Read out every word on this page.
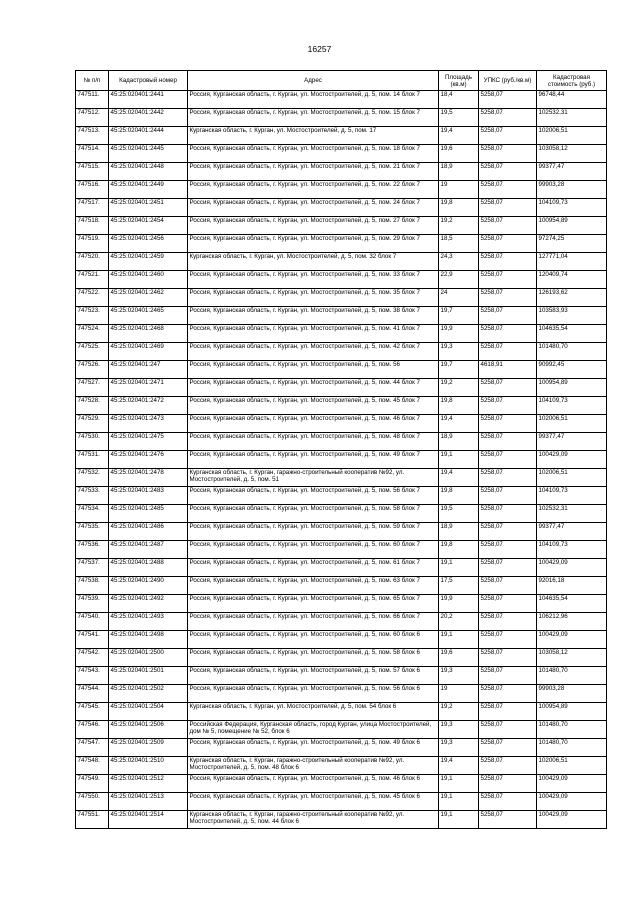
16257
№ п/п	Кадастровый номер	Адрес	Площадь (кв.м)	УПКС (руб./кв.м)	Кадастровая стоимость (руб.)
747511.	45:25:020401:2441	Россия, Курганская область, г. Курган, ул. Мостостроителей, д. 5, пом. 14 блок 7	18,4	5258,07	96748,44
747512.	45:25:020401:2442	Россия, Курганская область, г. Курган, ул. Мостостроителей, д. 5, пом. 15 блок 7	19,5	5258,07	102532,31
747513.	45:25:020401:2444	Курганская область, г. Курган, ул. Мостостроителей, д. 5, пом. 17	19,4	5258,07	102006,51
747514.	45:25:020401:2445	Россия, Курганская область, г. Курган, ул. Мостостроителей, д. 5, пом. 18 блок 7	19,6	5258,07	103058,12
747515.	45:25:020401:2448	Россия, Курганская область, г. Курган, ул. Мостостроителей, д. 5, пом. 21 блок 7	18,9	5258,07	99377,47
747516.	45:25:020401:2449	Россия, Курганская область, г. Курган, ул. Мостостроителей, д. 5, пом. 22 блок 7	19	5258,07	99903,28
747517.	45:25:020401:2451	Россия, Курганская область, г. Курган, ул. Мостостроителей, д. 5, пом. 24 блок 7	19,8	5258,07	104109,73
747518.	45:25:020401:2454	Россия, Курганская область, г. Курган, ул. Мостостроителей, д. 5, пом. 27 блок 7	19,2	5258,07	100954,89
747519.	45:25:020401:2456	Россия, Курганская область, г. Курган, ул. Мостостроителей, д. 5, пом. 29 блок 7	18,5	5258,07	97274,25
747520.	45:25:020401:2459	Курганская область, г. Курган, ул. Мостостроителей, д. 5, пом. 32 блок 7	24,3	5258,07	127771,04
747521.	45:25:020401:2460	Россия, Курганская область, г. Курган, ул. Мостостроителей, д. 5, пом. 33 блок 7	22,9	5258,07	120409,74
747522.	45:25:020401:2462	Россия, Курганская область, г. Курган, ул. Мостостроителей, д. 5, пом. 35 блок 7	24	5258,07	126193,62
747523.	45:25:020401:2465	Россия, Курганская область, г. Курган, ул. Мостостроителей, д. 5, пом. 38 блок 7	19,7	5258,07	103583,93
747524.	45:25:020401:2468	Россия, Курганская область, г. Курган, ул. Мостостроителей, д. 5, пом. 41 блок 7	19,9	5258,07	104635,54
747525.	45:25:020401:2469	Россия, Курганская область, г. Курган, ул. Мостостроителей, д. 5, пом. 42 блок 7	19,3	5258,07	101480,70
747526.	45:25:020401:247	Россия, Курганская область, г. Курган, ул. Мостостроителей, д. 5, пом. 56	19,7	4618,91	90992,45
747527.	45:25:020401:2471	Россия, Курганская область, г. Курган, ул. Мостостроителей, д. 5, пом. 44 блок 7	19,2	5258,07	100954,89
747528.	45:25:020401:2472	Россия, Курганская область, г. Курган, ул. Мостостроителей, д. 5, пом. 45 блок 7	19,8	5258,07	104109,73
747529.	45:25:020401:2473	Россия, Курганская область, г. Курган, ул. Мостостроителей, д. 5, пом. 46 блок 7	19,4	5258,07	102006,51
747530.	45:25:020401:2475	Россия, Курганская область, г. Курган, ул. Мостостроителей, д. 5, пом. 48 блок 7	18,9	5258,07	99377,47
747531.	45:25:020401:2476	Россия, Курганская область, г. Курган, ул. Мостостроителей, д. 5, пом. 49 блок 7	19,1	5258,07	100429,09
747532.	45:25:020401:2478	Курганская область, г. Курган, гаражно-строительный кооператив №92, ул. Мостостроителей, д. 5, пом. 51	19,4	5258,07	102006,51
747533.	45:25:020401:2483	Россия, Курганская область, г. Курган, ул. Мостостроителей, д. 5, пом. 56 блок 7	19,8	5258,07	104109,73
747534.	45:25:020401:2485	Россия, Курганская область, г. Курган, ул. Мостостроителей, д. 5, пом. 58 блок 7	19,5	5258,07	102532,31
747535.	45:25:020401:2486	Россия, Курганская область, г. Курган, ул. Мостостроителей, д. 5, пом. 59 блок 7	18,9	5258,07	99377,47
747536.	45:25:020401:2487	Россия, Курганская область, г. Курган, ул. Мостостроителей, д. 5, пом. 60 блок 7	19,8	5258,07	104109,73
747537.	45:25:020401:2488	Россия, Курганская область, г. Курган, ул. Мостостроителей, д. 5, пом. 61 блок 7	19,1	5258,07	100429,09
747538.	45:25:020401:2490	Россия, Курганская область, г. Курган, ул. Мостостроителей, д. 5, пом. 63 блок 7	17,5	5258,07	92016,18
747539.	45:25:020401:2492	Россия, Курганская область, г. Курган, ул. Мостостроителей, д. 5, пом. 65 блок 7	19,9	5258,07	104635,54
747540.	45:25:020401:2493	Россия, Курганская область, г. Курган, ул. Мостостроителей, д. 5, пом. 66 блок 7	20,2	5258,07	106212,96
747541.	45:25:020401:2498	Россия, Курганская область, г. Курган, ул. Мостостроителей, д. 5, пом. 60 блок 6	19,1	5258,07	100429,09
747542.	45:25:020401:2500	Россия, Курганская область, г. Курган, ул. Мостостроителей, д. 5, пом. 58 блок 6	19,6	5258,07	103058,12
747543.	45:25:020401:2501	Россия, Курганская область, г. Курган, ул. Мостостроителей, д. 5, пом. 57 блок 6	19,3	5258,07	101480,70
747544.	45:25:020401:2502	Россия, Курганская область, г. Курган, ул. Мостостроителей, д. 5, пом. 56 блок 6	19	5258,07	99903,28
747545.	45:25:020401:2504	Курганская область, г. Курган, ул. Мостостроителей, д. 5, пом. 54 блок 6	19,2	5258,07	100954,89
747546.	45:25:020401:2506	Российская Федерация, Курганская область, город Курган, улица Мостостроителей, дом № 5, помещение № 52, блок 6	19,3	5258,07	101480,70
747547.	45:25:020401:2509	Россия, Курганская область, г. Курган, ул. Мостостроителей, д. 5, пом. 49 блок 6	19,3	5258,07	101480,70
747548.	45:25:020401:2510	Курганская область, г. Курган, гаражно-строительный кооператив №92, ул. Мостостроителей, д. 5, пом. 48 блок 6	19,4	5258,07	102006,51
747549.	45:25:020401:2512	Россия, Курганская область, г. Курган, ул. Мостостроителей, д. 5, пом. 46 блок 6	19,1	5258,07	100429,09
747550.	45:25:020401:2513	Россия, Курганская область, г. Курган, ул. Мостостроителей, д. 5, пом. 45 блок 6	19,1	5258,07	100429,09
747551.	45:25:020401:2514	Курганская область, г. Курган, гаражно-строительный кооператив №92, ул. Мостостроителей, д. 5, пом. 44 блок 6	19,1	5258,07	100429,09
